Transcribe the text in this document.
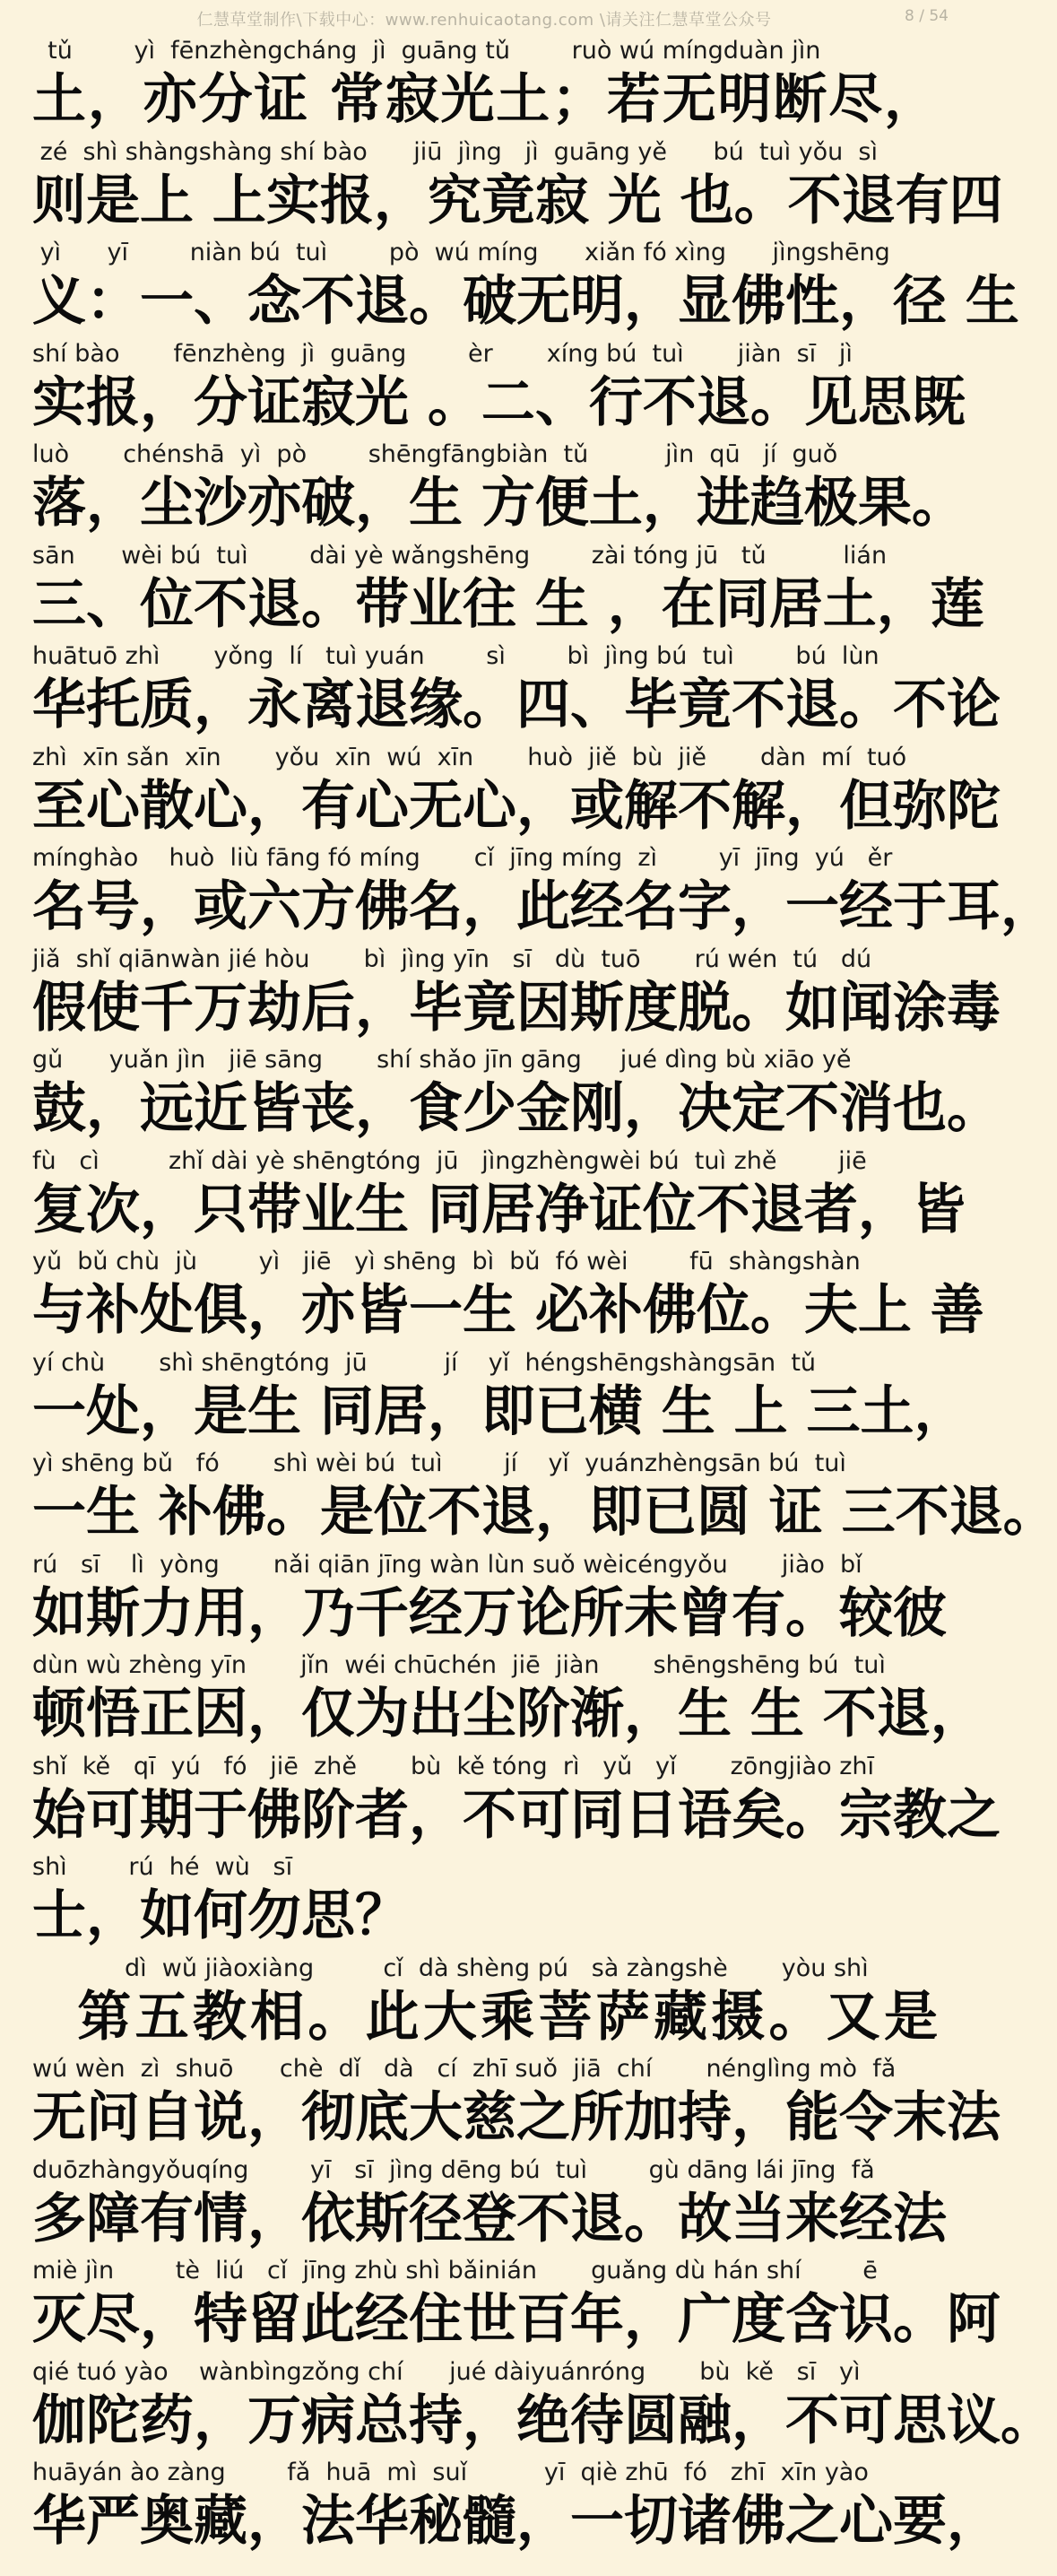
仁慧草堂制作\下载中心：www.renhuicaotang.com \请关注仁慧草堂公众号	8 / 54
tǔ        yì  fēnzhèngcháng  jì  guāng tǔ        ruò wú míngduàn jìn
土，亦分证 常寂光土；若无明断尽，
zé  shì shàngshàng shí bào      jiū  jìng   jì  guāng yě      bú  tuì yǒu  sì
则是上 上实报，究竟寂 光 也。不退有四
yì      yī        niàn bú  tuì        pò  wú míng      xiǎn fó xìng      jìngshēng
义：一、念不退。破无明，显佛性，径 生
shí bào       fēnzhèng  jì  guāng        èr       xíng bú  tuì       jiàn  sī   jì
实报，分证寂光 。二、行不退。见思既
luò       chénshā  yì  pò        shēngfāngbiàn  tǔ          jìn  qū   jí  guǒ
落，尘沙亦破，生 方便土，进趋极果。
sān      wèi bú  tuì        dài yè wǎngshēng        zài tóng jū   tǔ          lián
三、位不退。带业往 生 ，在同居土，莲
huātuō zhì       yǒng  lí   tuì yuán        sì        bì  jìng bú  tuì        bú  lùn
华托质，永离退缘。四、毕竟不退。不论
zhì  xīn sǎn  xīn       yǒu  xīn  wú  xīn       huò  jiě  bù  jiě       dàn  mí  tuó
至心散心，有心无心，或解不解，但弥陀
mínghào    huò  liù fāng fó míng       cǐ  jīng míng  zì        yī  jīng  yú   ěr
名号，或六方佛名，此经名字，一经于耳，
jiǎ  shǐ qiānwàn jié hòu       bì  jìng yīn   sī   dù  tuō       rú wén  tú   dú
假使千万劫后，毕竟因斯度脱。如闻涂毒
gǔ      yuǎn jìn   jiē sāng       shí shǎo jīn gāng     jué dìng bù xiāo yě
鼓，远近皆丧，食少金刚，决定不消也。
fù   cì         zhǐ dài yè shēngtóng  jū   jìngzhèngwèi bú  tuì zhě        jiē
复次，只带业生 同居净证位不退者，皆
yǔ  bǔ chù  jù        yì   jiē   yì shēng  bì  bǔ  fó wèi        fū  shàngshàn
与补处俱，亦皆一生 必补佛位。夫上 善
yí chù       shì shēngtóng  jū          jí    yǐ  héngshēngshàngsān  tǔ
一处，是生 同居，即已横 生 上 三土，
yì shēng bǔ   fó       shì wèi bú  tuì        jí    yǐ  yuánzhèngsān bú  tuì
一生 补佛。是位不退，即已圆 证 三不退。
rú   sī    lì  yòng       nǎi qiān jīng wàn lùn suǒ wèicéngyǒu       jiào  bǐ
如斯力用，乃千经万论所未曾有。较彼
dùn wù zhèng yīn       jǐn  wéi chūchén  jiē  jiàn       shēngshēng bú  tuì
顿悟正因，仅为出尘阶渐，生 生 不退，
shǐ  kě   qī  yú   fó   jiē  zhě       bù  kě tóng  rì   yǔ   yǐ       zōngjiào zhī
始可期于佛阶者，不可同日语矣。宗教之
shì        rú  hé  wù   sī
士，如何勿思？
dì  wǔ jiàoxiàng         cǐ  dà shèng pú   sà zàngshè       yòu shì
第五教相。此大乘菩萨藏摄。又是
wú wèn  zì  shuō      chè  dǐ   dà   cí  zhī suǒ  jiā  chí       nénglìng mò  fǎ
无问自说，彻底大慈之所加持，能令末法
duōzhàngyǒuqíng        yī   sī  jìng dēng bú  tuì        gù dāng lái jīng  fǎ
多障有情，依斯径登不退。故当来经法
miè jìn        tè  liú   cǐ  jīng zhù shì bǎinián       guǎng dù hán shí        ē
灭尽，特留此经住世百年，广度含识。阿
qié tuó yào    wànbìngzǒng chí      jué dàiyuánróng       bù  kě   sī   yì
伽陀药，万病总持，绝待圆融，不可思议。
huāyán ào zàng        fǎ  huā  mì  suǐ          yī  qiè zhū  fó   zhī  xīn yào
华严奥藏，法华秘髓，一切诸佛之心要，
